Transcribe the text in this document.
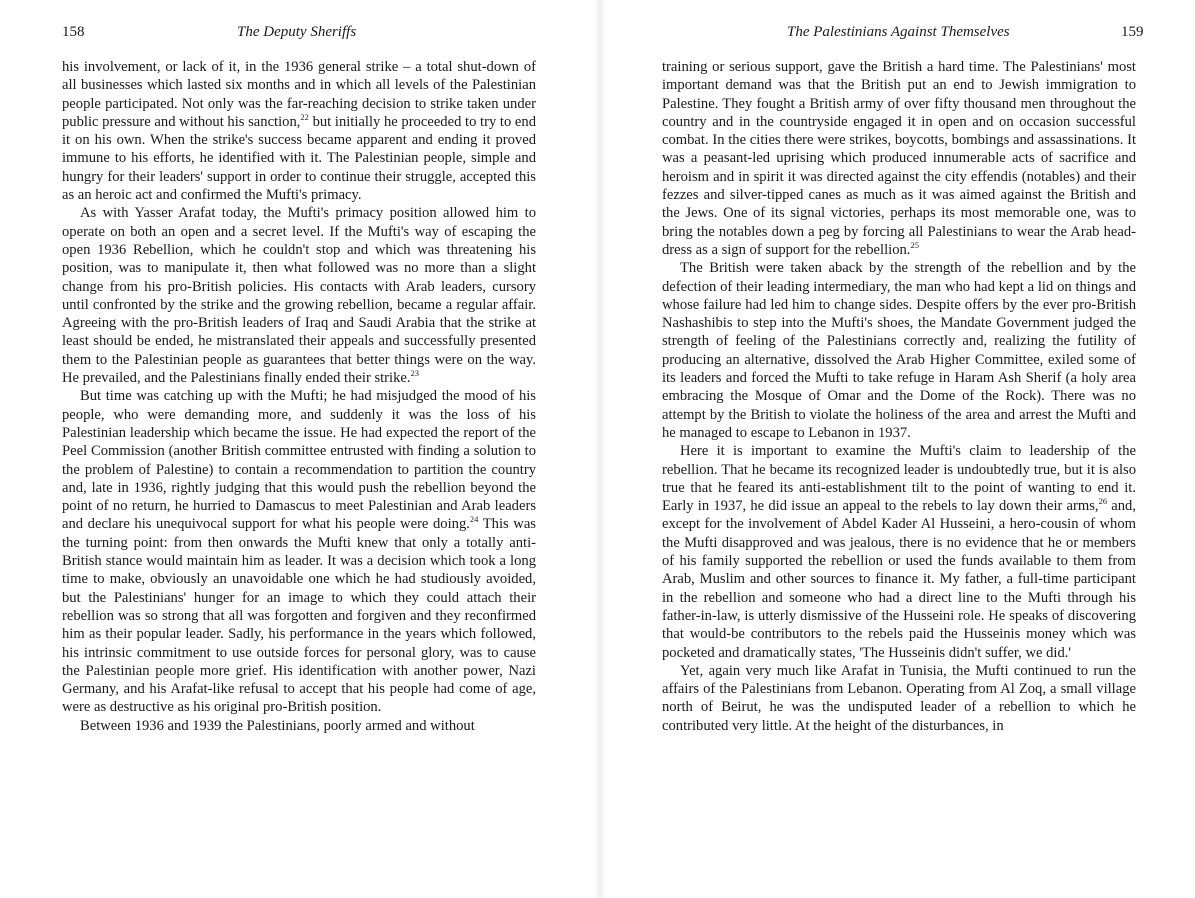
158	The Deputy Sheriffs

his involvement, or lack of it, in the 1936 general strike – a total shut-down of all businesses which lasted six months and in which all levels of the Palestinian people participated. Not only was the far-reaching decision to strike taken under public pressure and without his sanction,$^{22}$ but initially he proceeded to try to end it on his own. When the strike's success became apparent and ending it proved immune to his efforts, he identified with it. The Palestinian people, simple and hungry for their leaders' support in order to continue their struggle, accepted this as an heroic act and confirmed the Mufti's primacy.

As with Yasser Arafat today, the Mufti's primacy position allowed him to operate on both an open and a secret level. If the Mufti's way of escaping the open 1936 Rebellion, which he couldn't stop and which was threatening his position, was to manipulate it, then what followed was no more than a slight change from his pro-British policies. His contacts with Arab leaders, cursory until confronted by the strike and the growing rebellion, became a regular affair. Agreeing with the pro-British leaders of Iraq and Saudi Arabia that the strike at least should be ended, he mistranslated their appeals and successfully presented them to the Palestinian people as guarantees that better things were on the way. He prevailed, and the Palestinians finally ended their strike.$^{23}$

But time was catching up with the Mufti; he had misjudged the mood of his people, who were demanding more, and suddenly it was the loss of his Palestinian leadership which became the issue. He had expected the report of the Peel Commission (another British committee entrusted with finding a solution to the problem of Palestine) to contain a recommendation to partition the country and, late in 1936, rightly judging that this would push the rebellion beyond the point of no return, he hurried to Damascus to meet Palestinian and Arab leaders and declare his unequivocal support for what his people were doing.$^{24}$ This was the turning point: from then onwards the Mufti knew that only a totally anti-British stance would maintain him as leader. It was a decision which took a long time to make, obviously an unavoidable one which he had studiously avoided, but the Palestinians' hunger for an image to which they could attach their rebellion was so strong that all was forgotten and forgiven and they reconfirmed him as their popular leader. Sadly, his performance in the years which followed, his intrinsic commitment to use outside forces for personal glory, was to cause the Palestinian people more grief. His identification with another power, Nazi Germany, and his Arafat-like refusal to accept that his people had come of age, were as destructive as his original pro-British position.

Between 1936 and 1939 the Palestinians, poorly armed and without

The Palestinians Against Themselves	159

training or serious support, gave the British a hard time. The Palestinians' most important demand was that the British put an end to Jewish immigration to Palestine. They fought a British army of over fifty thousand men throughout the country and in the countryside engaged it in open and on occasion successful combat. In the cities there were strikes, boycotts, bombings and assassinations. It was a peasant-led uprising which produced innumerable acts of sacrifice and heroism and in spirit it was directed against the city effendis (notables) and their fezzes and silver-tipped canes as much as it was aimed against the British and the Jews. One of its signal victories, perhaps its most memorable one, was to bring the notables down a peg by forcing all Palestinians to wear the Arab head-dress as a sign of support for the rebellion.$^{25}$

The British were taken aback by the strength of the rebellion and by the defection of their leading intermediary, the man who had kept a lid on things and whose failure had led him to change sides. Despite offers by the ever pro-British Nashashibis to step into the Mufti's shoes, the Mandate Government judged the strength of feeling of the Palestinians correctly and, realizing the futility of producing an alternative, dissolved the Arab Higher Committee, exiled some of its leaders and forced the Mufti to take refuge in Haram Ash Sherif (a holy area embracing the Mosque of Omar and the Dome of the Rock). There was no attempt by the British to violate the holiness of the area and arrest the Mufti and he managed to escape to Lebanon in 1937.

Here it is important to examine the Mufti's claim to leadership of the rebellion. That he became its recognized leader is undoubtedly true, but it is also true that he feared its anti-establishment tilt to the point of wanting to end it. Early in 1937, he did issue an appeal to the rebels to lay down their arms,$^{26}$ and, except for the involvement of Abdel Kader Al Husseini, a hero-cousin of whom the Mufti disapproved and was jealous, there is no evidence that he or members of his family supported the rebellion or used the funds available to them from Arab, Muslim and other sources to finance it. My father, a full-time participant in the rebellion and someone who had a direct line to the Mufti through his father-in-law, is utterly dismissive of the Husseini role. He speaks of discovering that would-be contributors to the rebels paid the Husseinis money which was pocketed and dramatically states, 'The Husseinis didn't suffer, we did.'

Yet, again very much like Arafat in Tunisia, the Mufti continued to run the affairs of the Palestinians from Lebanon. Operating from Al Zoq, a small village north of Beirut, he was the undisputed leader of a rebellion to which he contributed very little. At the height of the disturbances, in
